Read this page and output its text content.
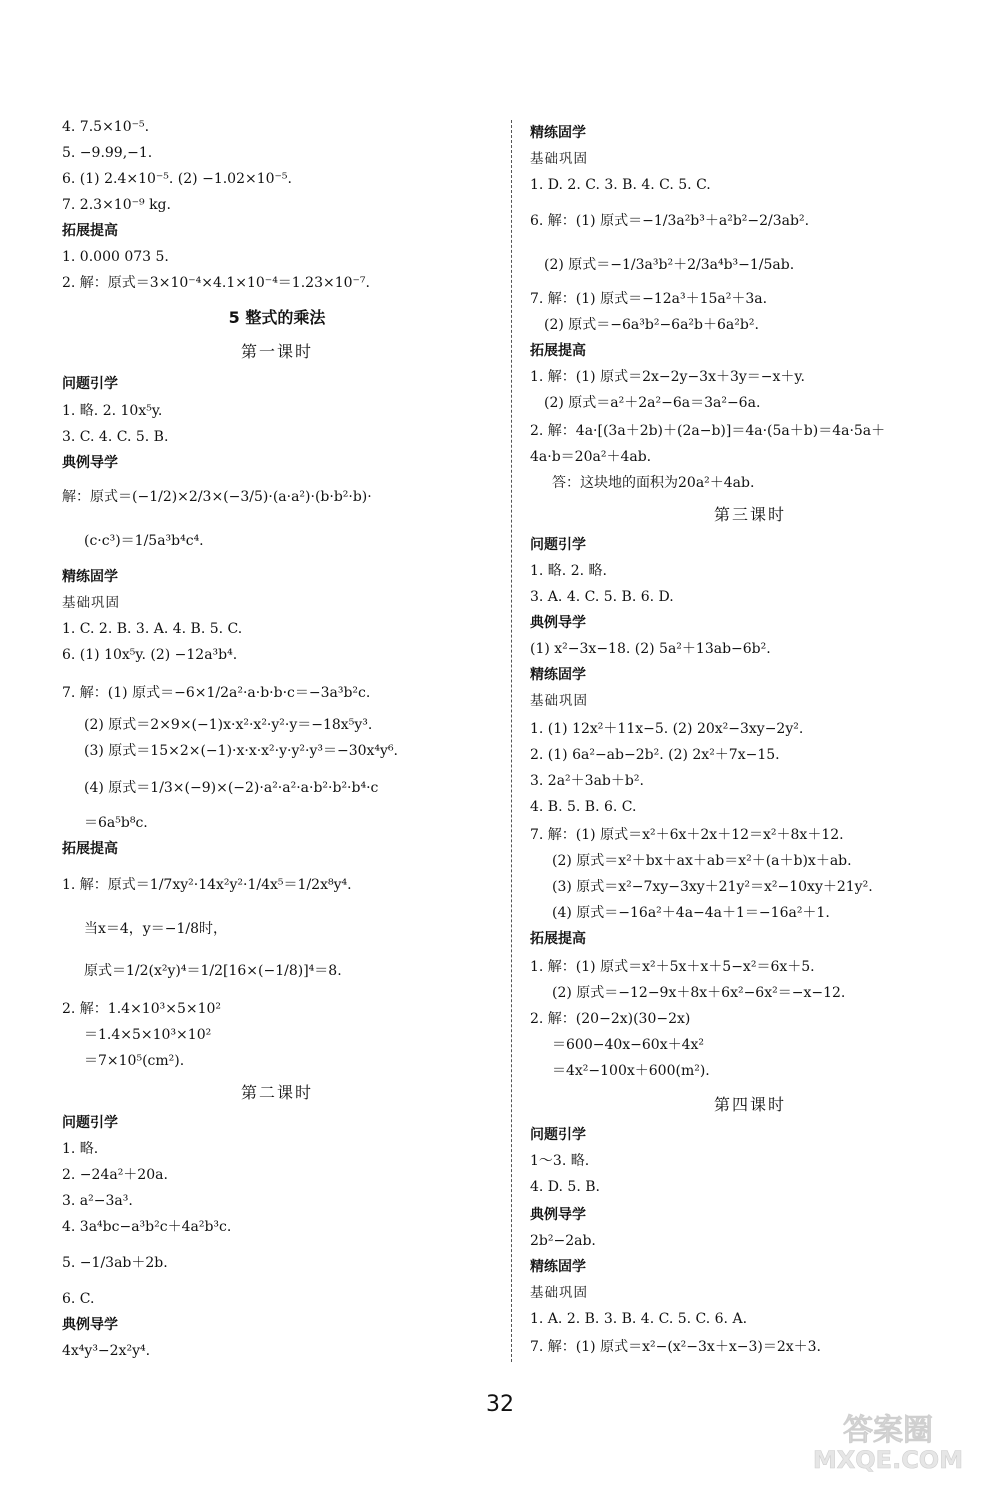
4. 7.5×10⁻⁵.
5. −9.99,−1.
6. (1) 2.4×10⁻⁵. (2) −1.02×10⁻⁵.
7. 2.3×10⁻⁹ kg.
拓展提高
1. 0.000 073 5.
2. 解：原式＝3×10⁻⁴×4.1×10⁻⁴＝1.23×10⁻⁷.
5 整式的乘法
第一课时
问题引学
1. 略. 2. 10x⁵y.
3. C. 4. C. 5. B.
典例导学
解：原式＝(−1/2)×2/3×(−3/5)·(a·a²)·(b·b²·b)·
(c·c³)＝1/5a³b⁴c⁴.
精练固学
基础巩固
1. C. 2. B. 3. A. 4. B. 5. C.
6. (1) 10x⁵y. (2) −12a³b⁴.
7. 解：(1) 原式＝−6×1/2a²·a·b·b·c＝−3a³b²c.
(2) 原式＝2×9×(−1)x·x²·x²·y²·y＝−18x⁵y³.
(3) 原式＝15×2×(−1)·x·x·x²·y·y²·y³＝−30x⁴y⁶.
(4) 原式＝1/3×(−9)×(−2)·a²·a²·a·b²·b²·b⁴·c
＝6a⁵b⁸c.
拓展提高
1. 解：原式＝1/7xy²·14x²y²·1/4x⁵＝1/2x⁸y⁴.
当x＝4，y＝−1/8时，
原式＝1/2(x²y)⁴＝1/2[16×(−1/8)]⁴＝8.
2. 解：1.4×10³×5×10²
＝1.4×5×10³×10²
＝7×10⁵(cm²).
第二课时
问题引学
1. 略.
2. −24a²＋20a.
3. a²−3a³.
4. 3a⁴bc−a³b²c＋4a²b³c.
5. −1/3ab＋2b.
6. C.
典例导学
4x⁴y³−2x²y⁴.
精练固学
基础巩固
1. D. 2. C. 3. B. 4. C. 5. C.
6. 解：(1) 原式＝−1/3a²b³＋a²b²−2/3ab².
(2) 原式＝−1/3a³b²＋2/3a⁴b³−1/5ab.
7. 解：(1) 原式＝−12a³＋15a²＋3a.
(2) 原式＝−6a³b²−6a²b＋6a²b².
拓展提高
1. 解：(1) 原式＝2x−2y−3x＋3y＝−x＋y.
(2) 原式＝a²＋2a²−6a＝3a²−6a.
2. 解：4a·[(3a＋2b)＋(2a−b)]＝4a·(5a＋b)＝4a·5a＋
4a·b＝20a²＋4ab.
答：这块地的面积为20a²＋4ab.
第三课时
问题引学
1. 略. 2. 略.
3. A. 4. C. 5. B. 6. D.
典例导学
(1) x²−3x−18. (2) 5a²＋13ab−6b².
精练固学
基础巩固
1. (1) 12x²＋11x−5. (2) 20x²−3xy−2y².
2. (1) 6a²−ab−2b². (2) 2x²＋7x−15.
3. 2a²＋3ab＋b².
4. B. 5. B. 6. C.
7. 解：(1) 原式＝x²＋6x＋2x＋12＝x²＋8x＋12.
(2) 原式＝x²＋bx＋ax＋ab＝x²＋(a＋b)x＋ab.
(3) 原式＝x²−7xy−3xy＋21y²＝x²−10xy＋21y².
(4) 原式＝−16a²＋4a−4a＋1＝−16a²＋1.
拓展提高
1. 解：(1) 原式＝x²＋5x＋x＋5−x²＝6x＋5.
(2) 原式＝−12−9x＋8x＋6x²−6x²＝−x−12.
2. 解：(20−2x)(30−2x)
＝600−40x−60x＋4x²
＝4x²−100x＋600(m²).
第四课时
问题引学
1～3. 略.
4. D. 5. B.
典例导学
2b²−2ab.
精练固学
基础巩固
1. A. 2. B. 3. B. 4. C. 5. C. 6. A.
7. 解：(1) 原式＝x²−(x²−3x＋x−3)＝2x＋3.
32
答案圈
MXQE.COM
